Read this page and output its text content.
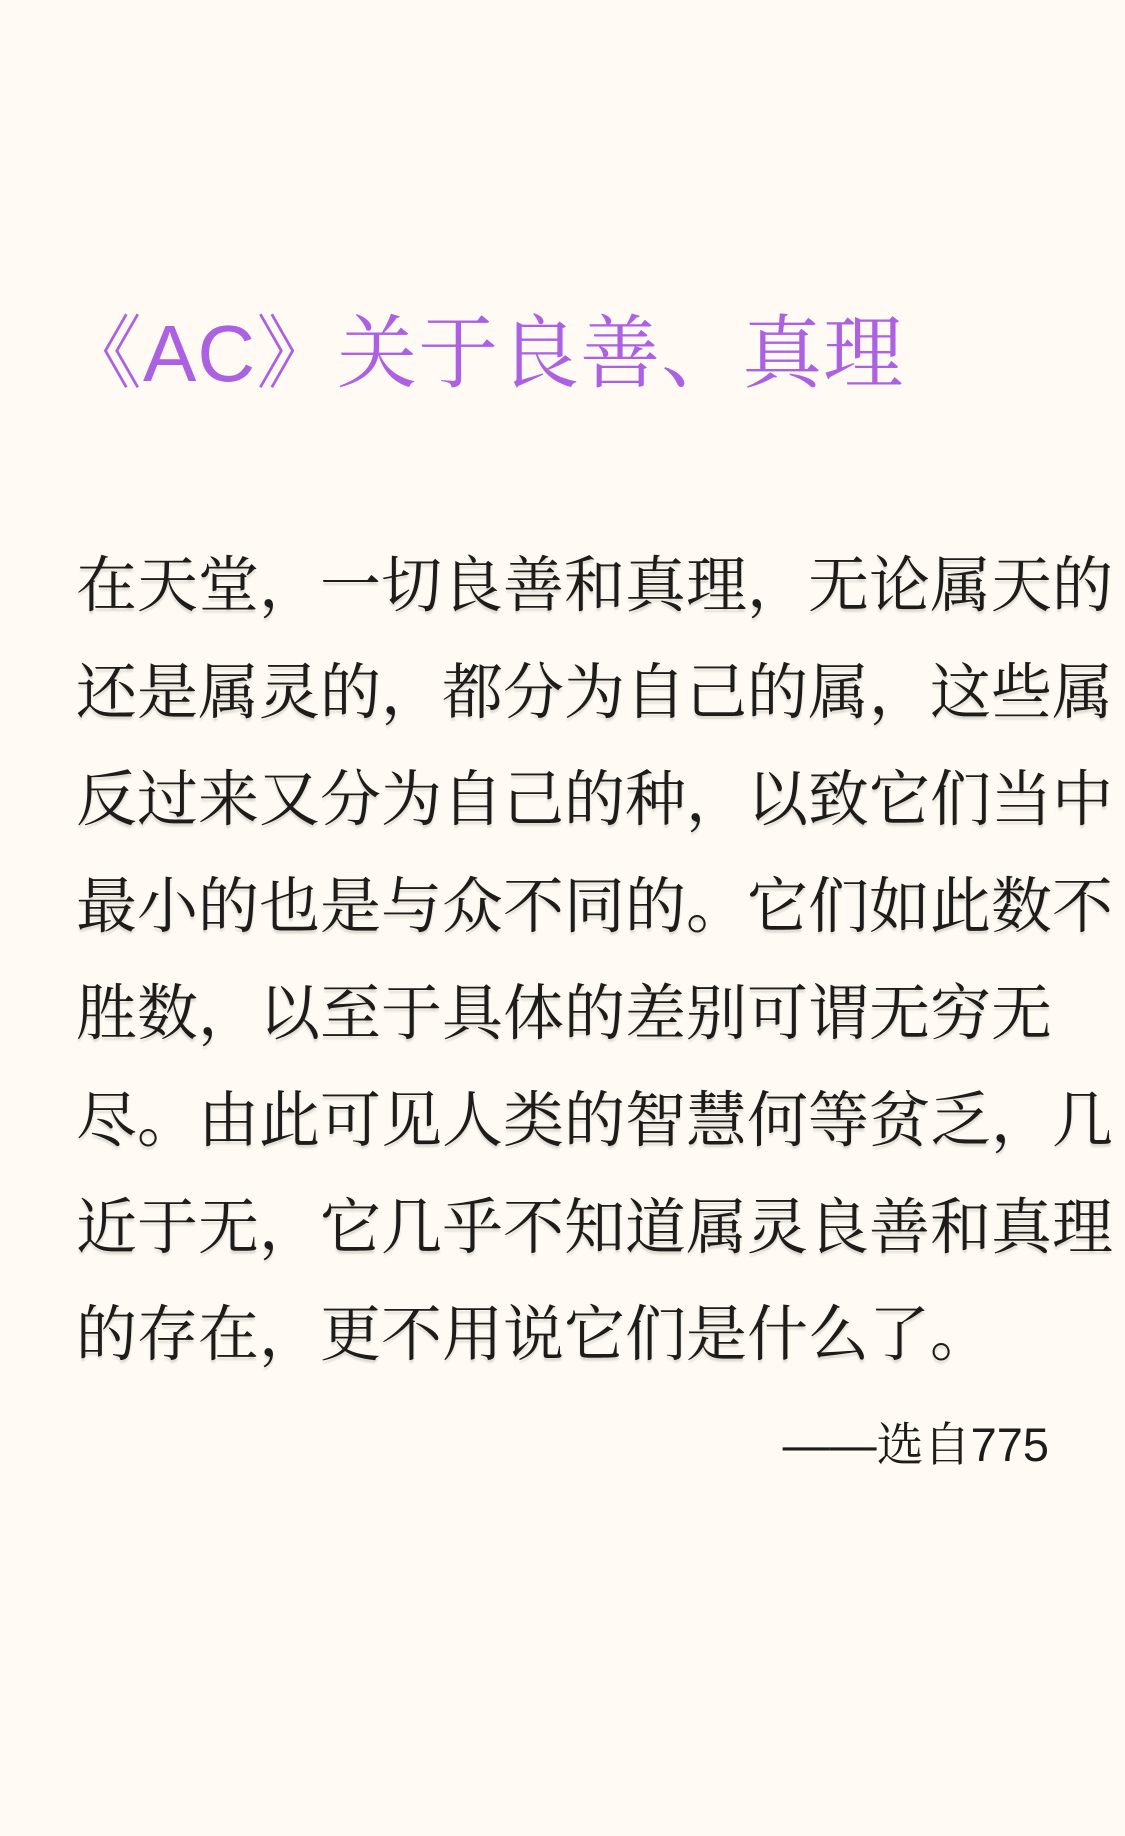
《AC》关于良善、真理
在天堂，一切良善和真理，无论属天的
还是属灵的，都分为自己的属，这些属
反过来又分为自己的种，以致它们当中
最小的也是与众不同的。它们如此数不
胜数，以至于具体的差别可谓无穷无
尽。由此可见人类的智慧何等贫乏，几
近于无，它几乎不知道属灵良善和真理
的存在，更不用说它们是什么了。
——选自775
